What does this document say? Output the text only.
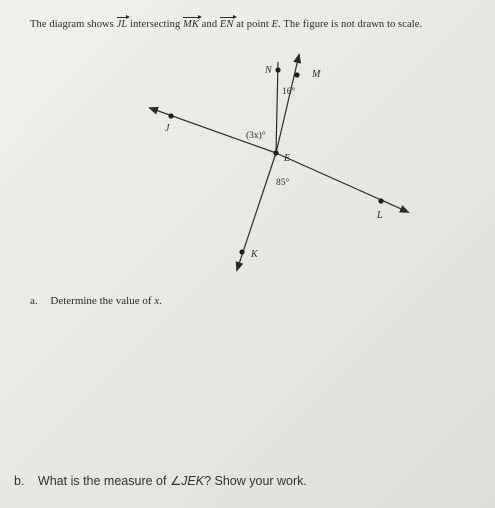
The diagram shows JL intersecting MK and EN at point E. The figure is not drawn to scale.
N	M
J
E
L
K
16°
(3x)°
85°
a. Determine the value of x.
b. What is the measure of ∠JEK? Show your work.
